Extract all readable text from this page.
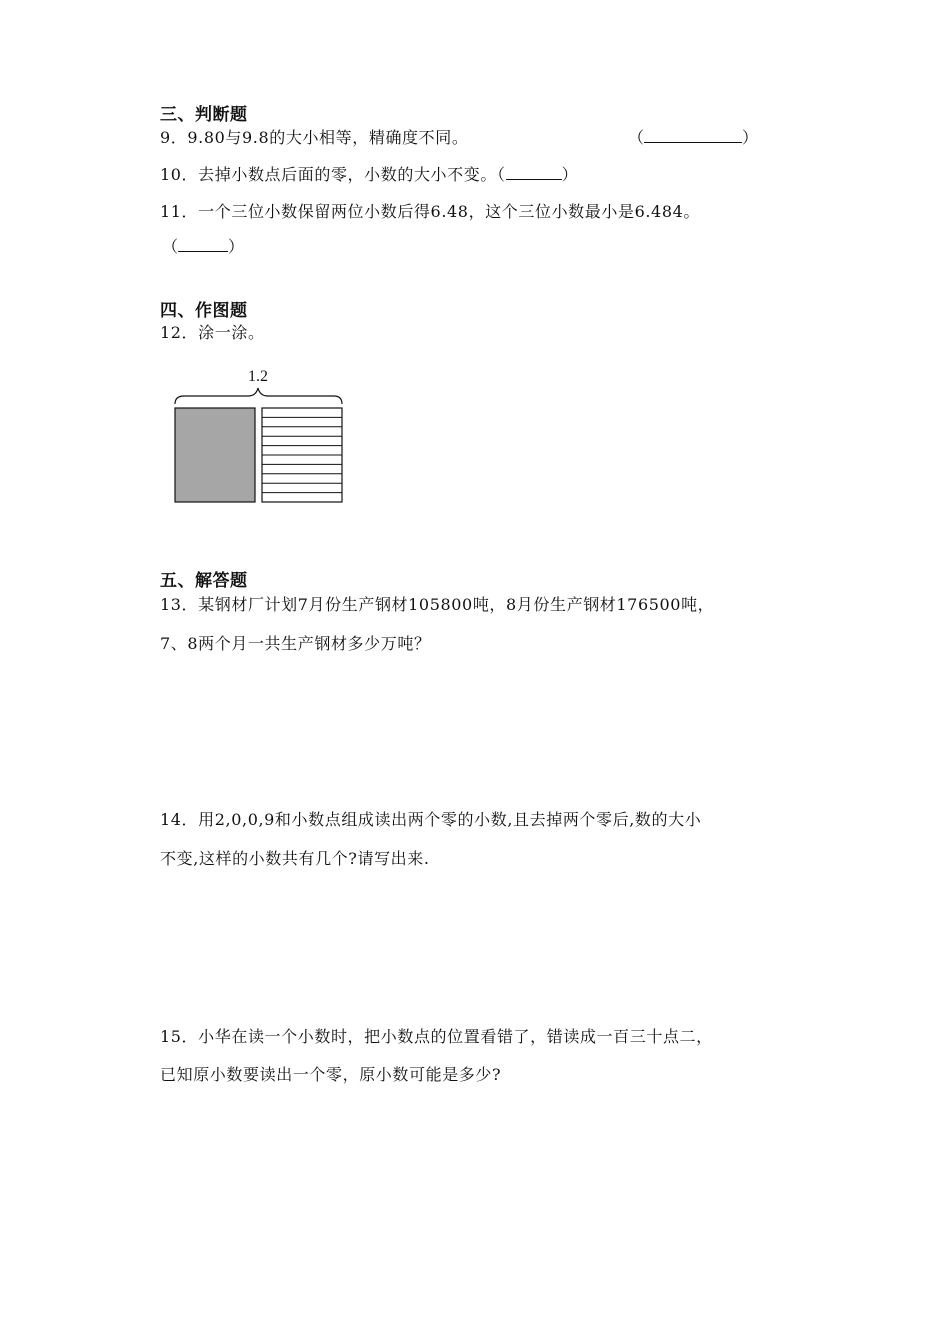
三、判断题
9．9.80与9.8的大小相等，精确度不同。	（	）
10．去掉小数点后面的零，小数的大小不变。（	）
11．一个三位小数保留两位小数后得6.48，这个三位小数最小是6.484。
（	）
四、作图题
12．涂一涂。
1.2
五、解答题
13．某钢材厂计划7月份生产钢材105800吨，8月份生产钢材176500吨，
7、8两个月一共生产钢材多少万吨？
14．用2,0,0,9和小数点组成读出两个零的小数,且去掉两个零后,数的大小
不变,这样的小数共有几个?请写出来.
15．小华在读一个小数时，把小数点的位置看错了，错读成一百三十点二，
已知原小数要读出一个零，原小数可能是多少?
